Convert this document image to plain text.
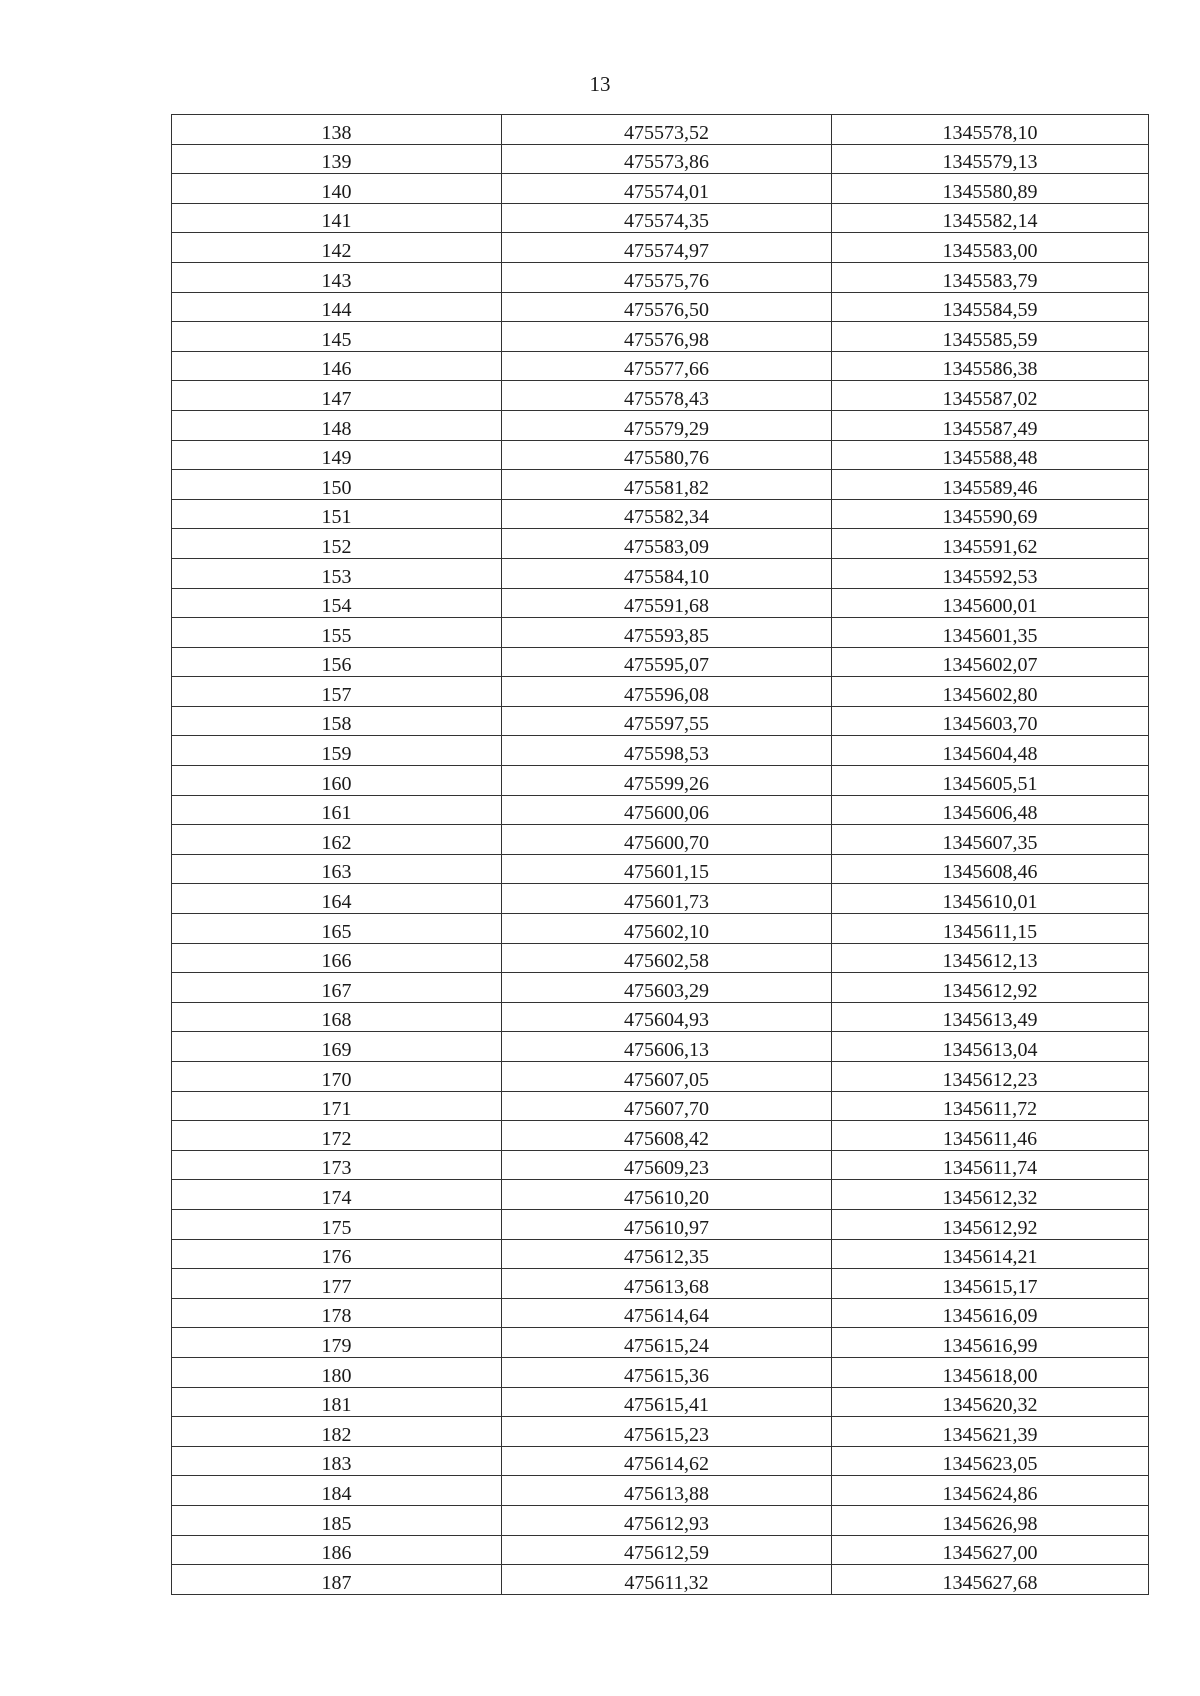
13
138	475573,52	1345578,10
139	475573,86	1345579,13
140	475574,01	1345580,89
141	475574,35	1345582,14
142	475574,97	1345583,00
143	475575,76	1345583,79
144	475576,50	1345584,59
145	475576,98	1345585,59
146	475577,66	1345586,38
147	475578,43	1345587,02
148	475579,29	1345587,49
149	475580,76	1345588,48
150	475581,82	1345589,46
151	475582,34	1345590,69
152	475583,09	1345591,62
153	475584,10	1345592,53
154	475591,68	1345600,01
155	475593,85	1345601,35
156	475595,07	1345602,07
157	475596,08	1345602,80
158	475597,55	1345603,70
159	475598,53	1345604,48
160	475599,26	1345605,51
161	475600,06	1345606,48
162	475600,70	1345607,35
163	475601,15	1345608,46
164	475601,73	1345610,01
165	475602,10	1345611,15
166	475602,58	1345612,13
167	475603,29	1345612,92
168	475604,93	1345613,49
169	475606,13	1345613,04
170	475607,05	1345612,23
171	475607,70	1345611,72
172	475608,42	1345611,46
173	475609,23	1345611,74
174	475610,20	1345612,32
175	475610,97	1345612,92
176	475612,35	1345614,21
177	475613,68	1345615,17
178	475614,64	1345616,09
179	475615,24	1345616,99
180	475615,36	1345618,00
181	475615,41	1345620,32
182	475615,23	1345621,39
183	475614,62	1345623,05
184	475613,88	1345624,86
185	475612,93	1345626,98
186	475612,59	1345627,00
187	475611,32	1345627,68
